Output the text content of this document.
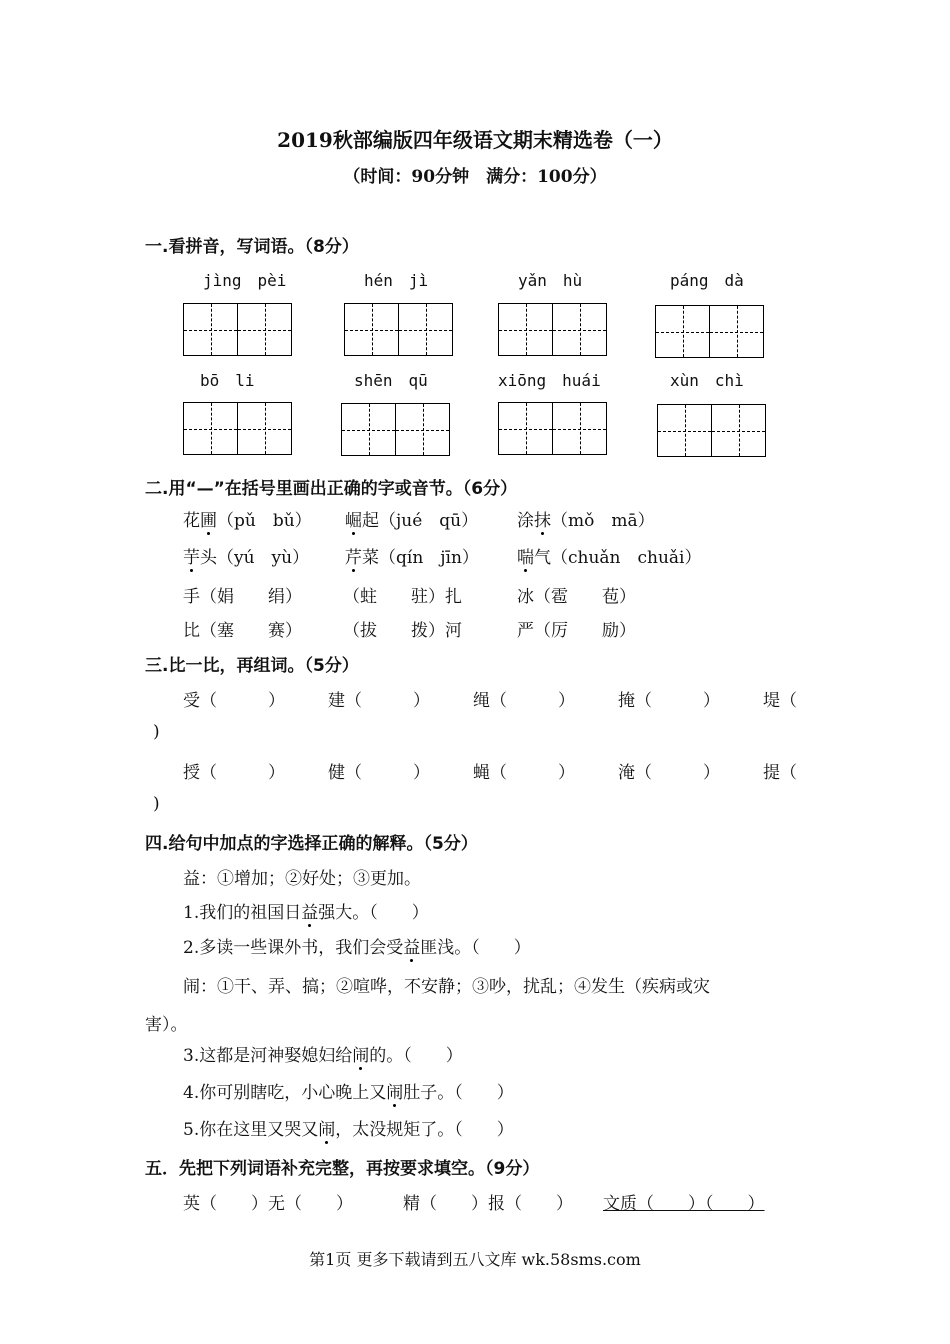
2019秋部编版四年级语文期末精选卷（一）
（时间：90分钟　满分：100分）
一.看拼音，写词语。（8分）
jìng　pèi	hén　jì	yǎn　hù	páng　dà
bō　li	shēn　qū	xiōng　huái	xùn　chì
二.用“—”在括号里画出正确的字或音节。（6分）
花圃（pǔ　bǔ） 崛起（jué　qū） 涂抹（mǒ　mā）
芋头（yú　yù） 芹菜（qín　jīn） 喘气（chuǎn　chuǎi）
手（娟　　绢） （蛀　　驻）扎	冰（雹　　苞）
比（塞　　赛） （拔　　拨）河	严（厉　　励）
三.比一比，再组词。（5分）
受（　　　）	建（　　　）	绳（　　　）	掩（　　　）	堤（
)
授（　　　）	健（　　　）	蝇（　　　）	淹（　　　）	提（
)
四.给句中加点的字选择正确的解释。（5分）
益：①增加；②好处；③更加。
1.我们的祖国日益强大。（　　）
2.多读一些课外书，我们会受益匪浅。（　　）
闹：①干、弄、搞；②喧哗，不安静；③吵，扰乱；④发生（疾病或灾
害）。
3.这都是河神娶媳妇给闹的。（　　）
4.你可别瞎吃，小心晚上又闹肚子。（　　）
5.你在这里又哭又闹，太没规矩了。（　　）
五．先把下列词语补充完整，再按要求填空。（9分）
英（　　）无（　　）	精（　　）报（　　） 文质（　　）（　　）
第1页 更多下载请到五八文库 wk.58sms.com
